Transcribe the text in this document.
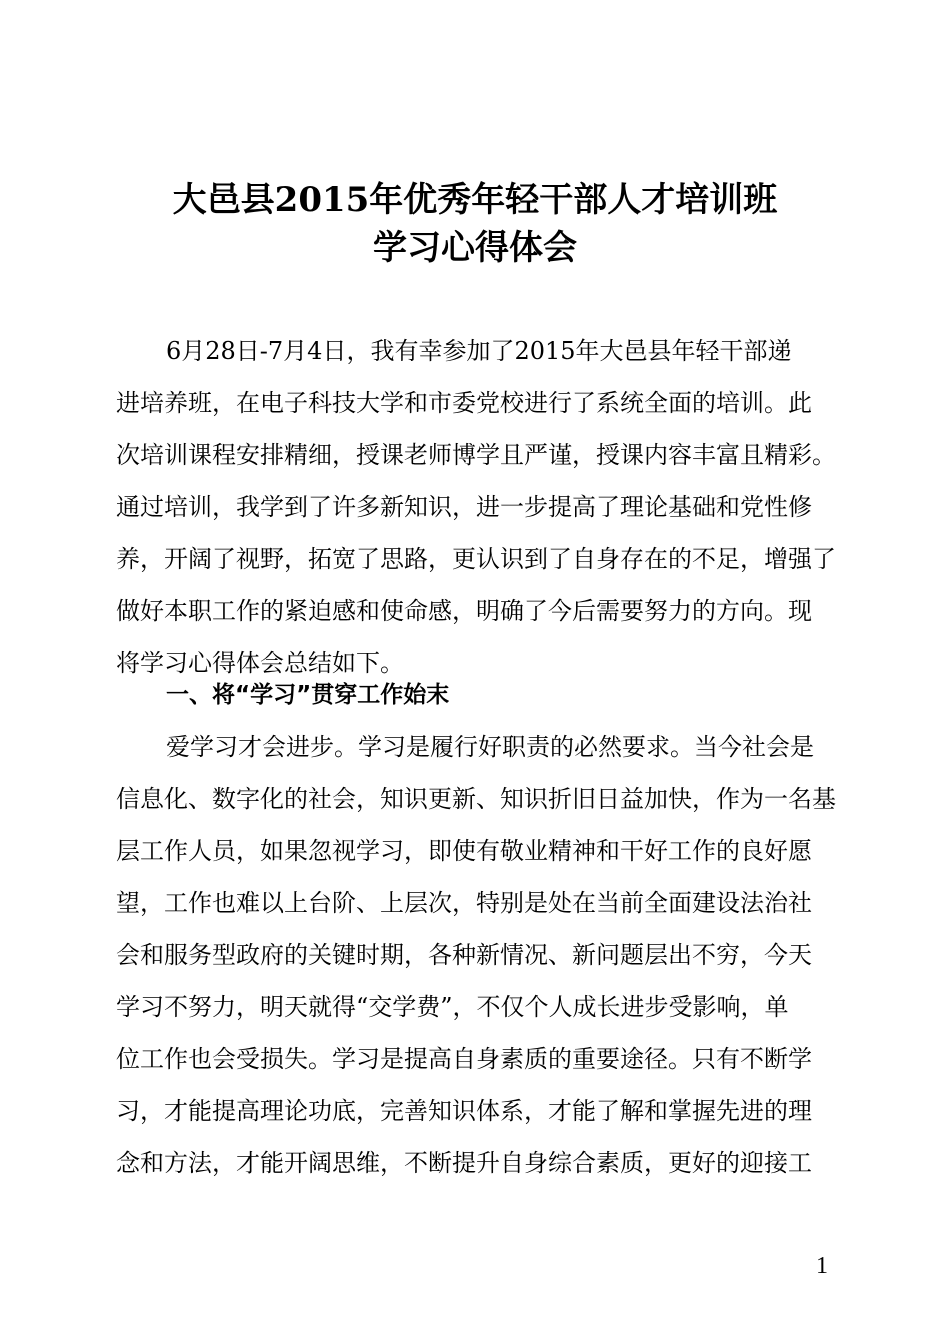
大邑县2015年优秀年轻干部人才培训班
学习心得体会
6月28日-7月4日，我有幸参加了2015年大邑县年轻干部递
进培养班，在电子科技大学和市委党校进行了系统全面的培训。此
次培训课程安排精细，授课老师博学且严谨，授课内容丰富且精彩。
通过培训，我学到了许多新知识，进一步提高了理论基础和党性修
养，开阔了视野，拓宽了思路，更认识到了自身存在的不足，增强了
做好本职工作的紧迫感和使命感，明确了今后需要努力的方向。现
将学习心得体会总结如下。
一、将“学习”贯穿工作始末
爱学习才会进步。学习是履行好职责的必然要求。当今社会是
信息化、数字化的社会，知识更新、知识折旧日益加快，作为一名基
层工作人员，如果忽视学习，即使有敬业精神和干好工作的良好愿
望，工作也难以上台阶、上层次，特别是处在当前全面建设法治社
会和服务型政府的关键时期，各种新情况、新问题层出不穷，今天
学习不努力，明天就得“交学费”，不仅个人成长进步受影响，单
位工作也会受损失。学习是提高自身素质的重要途径。只有不断学
习，才能提高理论功底，完善知识体系，才能了解和掌握先进的理
念和方法，才能开阔思维，不断提升自身综合素质，更好的迎接工
1
